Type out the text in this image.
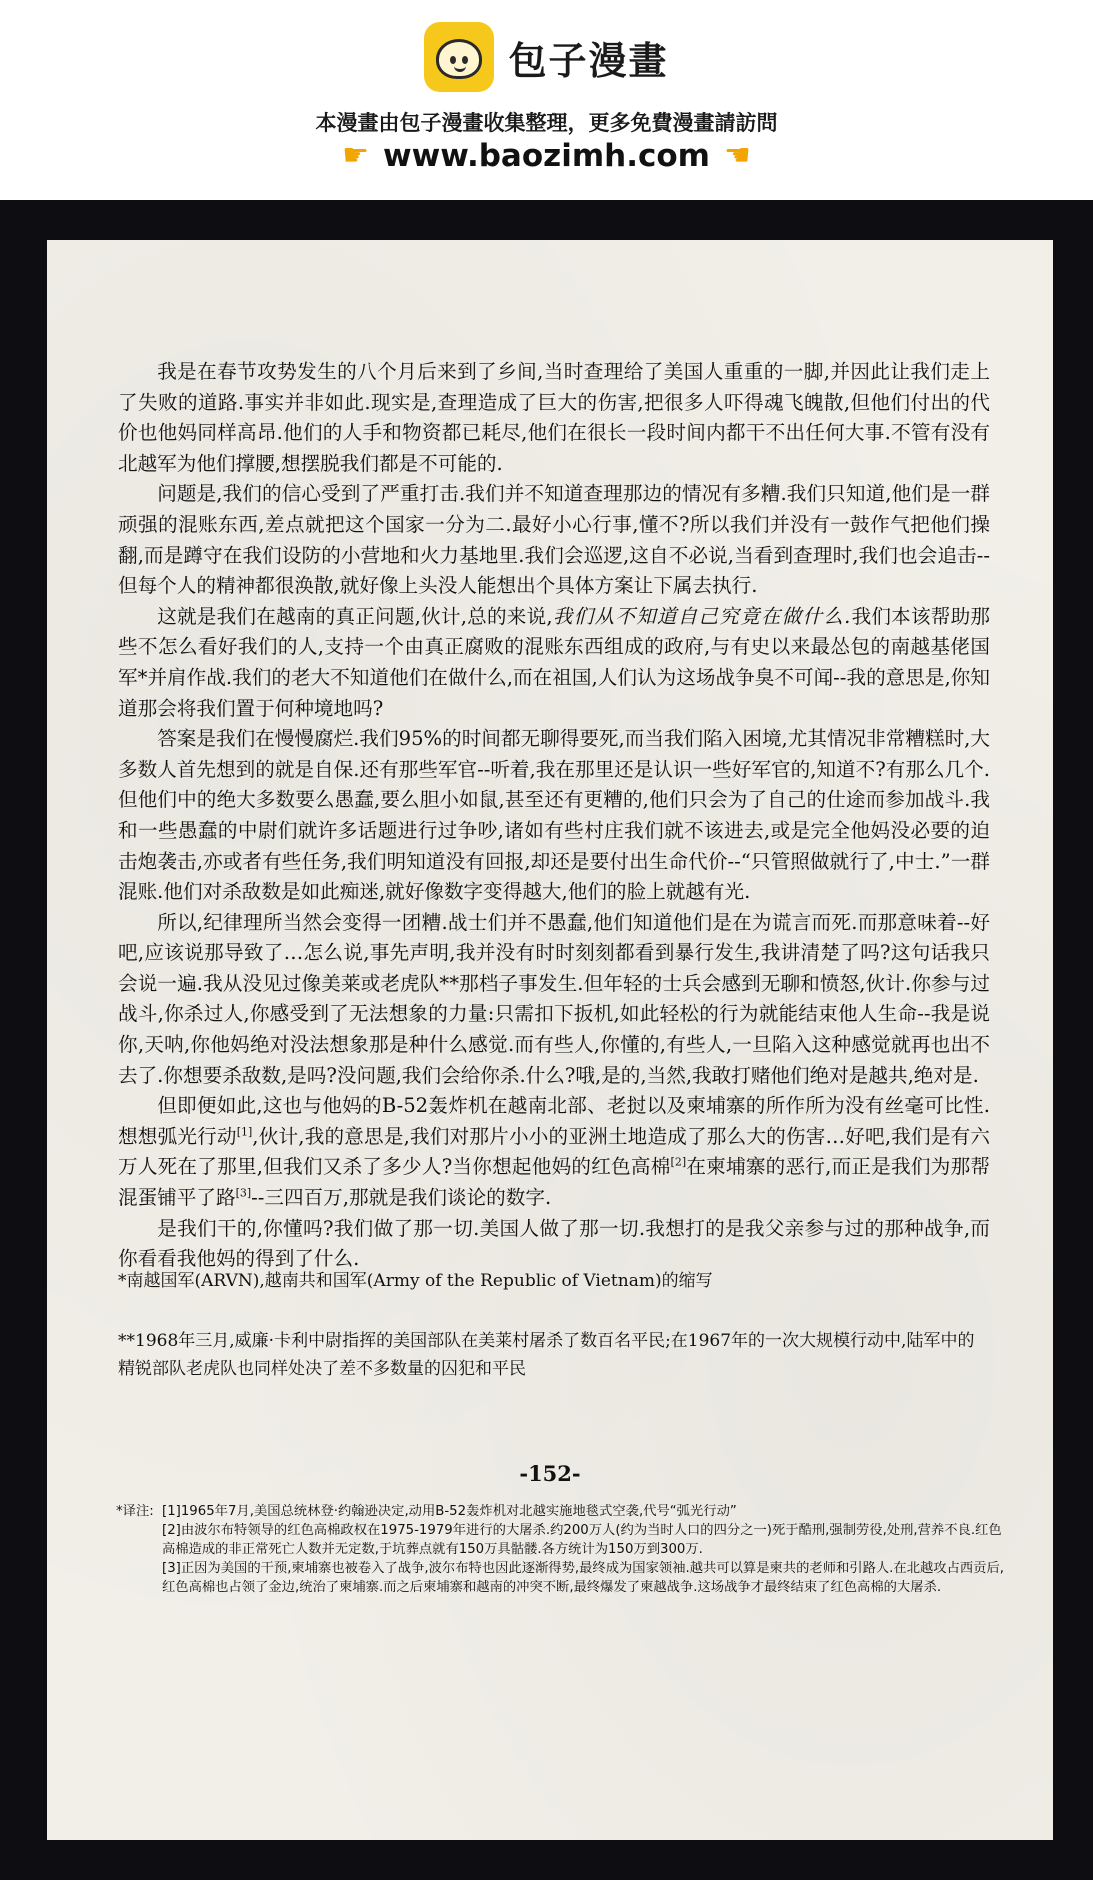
包子漫畫
本漫畫由包子漫畫收集整理，更多免費漫畫請訪問
☛ www.baozimh.com ☚

我是在春节攻势发生的八个月后来到了乡间,当时查理给了美国人重重的一脚,并因此让我们走上了失败的道路.事实并非如此.现实是,查理造成了巨大的伤害,把很多人吓得魂飞魄散,但他们付出的代价也他妈同样高昂.他们的人手和物资都已耗尽,他们在很长一段时间内都干不出任何大事.不管有没有北越军为他们撑腰,想摆脱我们都是不可能的.

问题是,我们的信心受到了严重打击.我们并不知道查理那边的情况有多糟.我们只知道,他们是一群顽强的混账东西,差点就把这个国家一分为二.最好小心行事,懂不?所以我们并没有一鼓作气把他们操翻,而是蹲守在我们设防的小营地和火力基地里.我们会巡逻,这自不必说,当看到查理时,我们也会追击--但每个人的精神都很涣散,就好像上头没人能想出个具体方案让下属去执行.

这就是我们在越南的真正问题,伙计,总的来说,我们从不知道自己究竟在做什么.我们本该帮助那些不怎么看好我们的人,支持一个由真正腐败的混账东西组成的政府,与有史以来最怂包的南越基佬国军*并肩作战.我们的老大不知道他们在做什么,而在祖国,人们认为这场战争臭不可闻--我的意思是,你知道那会将我们置于何种境地吗?

答案是我们在慢慢腐烂.我们95%的时间都无聊得要死,而当我们陷入困境,尤其情况非常糟糕时,大多数人首先想到的就是自保.还有那些军官--听着,我在那里还是认识一些好军官的,知道不?有那么几个.但他们中的绝大多数要么愚蠢,要么胆小如鼠,甚至还有更糟的,他们只会为了自己的仕途而参加战斗.我和一些愚蠢的中尉们就许多话题进行过争吵,诸如有些村庄我们就不该进去,或是完全他妈没必要的迫击炮袭击,亦或者有些任务,我们明知道没有回报,却还是要付出生命代价--“只管照做就行了,中士.”一群混账.他们对杀敌数是如此痴迷,就好像数字变得越大,他们的脸上就越有光.

所以,纪律理所当然会变得一团糟.战士们并不愚蠢,他们知道他们是在为谎言而死.而那意味着--好吧,应该说那导致了…怎么说,事先声明,我并没有时时刻刻都看到暴行发生,我讲清楚了吗?这句话我只会说一遍.我从没见过像美莱或老虎队**那档子事发生.但年轻的士兵会感到无聊和愤怒,伙计.你参与过战斗,你杀过人,你感受到了无法想象的力量:只需扣下扳机,如此轻松的行为就能结束他人生命--我是说你,天呐,你他妈绝对没法想象那是种什么感觉.而有些人,你懂的,有些人,一旦陷入这种感觉就再也出不去了.你想要杀敌数,是吗?没问题,我们会给你杀.什么?哦,是的,当然,我敢打赌他们绝对是越共,绝对是.

但即便如此,这也与他妈的B-52轰炸机在越南北部、老挝以及柬埔寨的所作所为没有丝毫可比性.想想弧光行动[1],伙计,我的意思是,我们对那片小小的亚洲土地造成了那么大的伤害…好吧,我们是有六万人死在了那里,但我们又杀了多少人?当你想起他妈的红色高棉[2]在柬埔寨的恶行,而正是我们为那帮混蛋铺平了路[3]--三四百万,那就是我们谈论的数字.

是我们干的,你懂吗?我们做了那一切.美国人做了那一切.我想打的是我父亲参与过的那种战争,而你看看我他妈的得到了什么.

*南越国军(ARVN),越南共和国军(Army of the Republic of Vietnam)的缩写
**1968年三月,威廉·卡利中尉指挥的美国部队在美莱村屠杀了数百名平民;在1967年的一次大规模行动中,陆军中的精锐部队老虎队也同样处决了差不多数量的囚犯和平民
-152-
*译注: [1]1965年7月,美国总统林登·约翰逊决定,动用B-52轰炸机对北越实施地毯式空袭,代号“弧光行动”
[2]由波尔布特领导的红色高棉政权在1975-1979年进行的大屠杀.约200万人(约为当时人口的四分之一)死于酷刑,强制劳役,处刑,营养不良.红色高棉造成的非正常死亡人数并无定数,于坑葬点就有150万具骷髅.各方统计为150万到300万.
[3]正因为美国的干预,柬埔寨也被卷入了战争,波尔布特也因此逐渐得势,最终成为国家领袖.越共可以算是柬共的老师和引路人.在北越攻占西贡后,红色高棉也占领了金边,统治了柬埔寨.而之后柬埔寨和越南的冲突不断,最终爆发了柬越战争.这场战争才最终结束了红色高棉的大屠杀.
